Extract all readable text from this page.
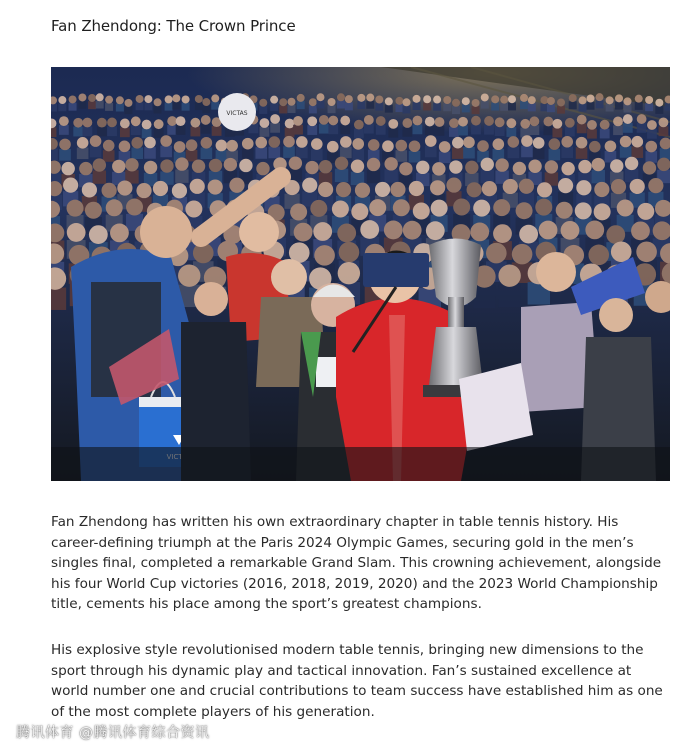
Fan Zhendong: The Crown Prince
VICTAS

Fan Zhendong has written his own extraordinary chapter in table tennis history. His career-defining triumph at the Paris 2024 Olympic Games, securing gold in the men’s singles final, completed a remarkable Grand Slam. This crowning achievement, alongside his four World Cup victories (2016, 2018, 2019, 2020) and the 2023 World Championship title, cements his place among the sport’s greatest champions.

His explosive style revolutionised modern table tennis, bringing new dimensions to the sport through his dynamic play and tactical innovation. Fan’s sustained excellence at world number one and crucial contributions to team success have established him as one of the most complete players of his generation.

腾讯体育 @腾讯体育综合资讯
